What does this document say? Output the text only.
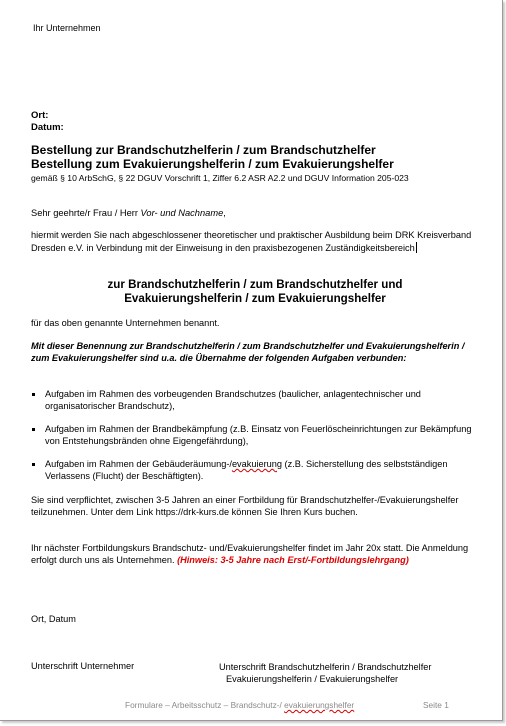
Ihr Unternehmen

Ort:

Datum:

Bestellung zur Brandschutzhelferin / zum Brandschutzhelfer

Bestellung zum Evakuierungshelferin / zum Evakuierungshelfer

gemäß § 10 ArbSchG, § 22 DGUV Vorschrift 1, Ziffer 6.2 ASR A2.2 und DGUV Information 205-023

Sehr geehrte/r Frau / Herr Vor- und Nachname,

hiermit werden Sie nach abgeschlossener theoretischer und praktischer Ausbildung beim DRK Kreisverband Dresden e.V. in Verbindung mit der Einweisung in den praxisbezogenen Zuständigkeitsbereich

zur Brandschutzhelferin / zum Brandschutzhelfer und
Evakuierungshelferin / zum Evakuierungshelfer

für das oben genannte Unternehmen benannt.

Mit dieser Benennung zur Brandschutzhelferin / zum Brandschutzhelfer und Evakuierungshelferin / zum Evakuierungshelfer sind u.a. die Übernahme der folgenden Aufgaben verbunden:

Aufgaben im Rahmen des vorbeugenden Brandschutzes (baulicher, anlagentechnischer und organisatorischer Brandschutz),
Aufgaben im Rahmen der Brandbekämpfung (z.B. Einsatz von Feuerlöscheinrichtungen zur Bekämpfung von Entstehungsbränden ohne Eigengefährdung),
Aufgaben im Rahmen der Gebäuderäumung-/evakuierung (z.B. Sicherstellung des selbstständigen Verlassens (Flucht) der Beschäftigten).

Sie sind verpflichtet, zwischen 3-5 Jahren an einer Fortbildung für Brandschutzhelfer-/Evakuierungshelfer teilzunehmen. Unter dem Link https://drk-kurs.de können Sie Ihren Kurs buchen.

Ihr nächster Fortbildungskurs Brandschutz- und/Evakuierungshelfer findet im Jahr 20x statt. Die Anmeldung erfolgt durch uns als Unternehmen. (Hinweis: 3-5 Jahre nach Erst/-Fortbildungslehrgang)

Ort, Datum

Unterschrift Unternehmer	Unterschrift Brandschutzhelferin / Brandschutzhelfer
Evakuierungshelferin / Evakuierungshelfer

Formulare – Arbeitsschutz – Brandschutz-/ evakuierungshelfer	Seite 1
